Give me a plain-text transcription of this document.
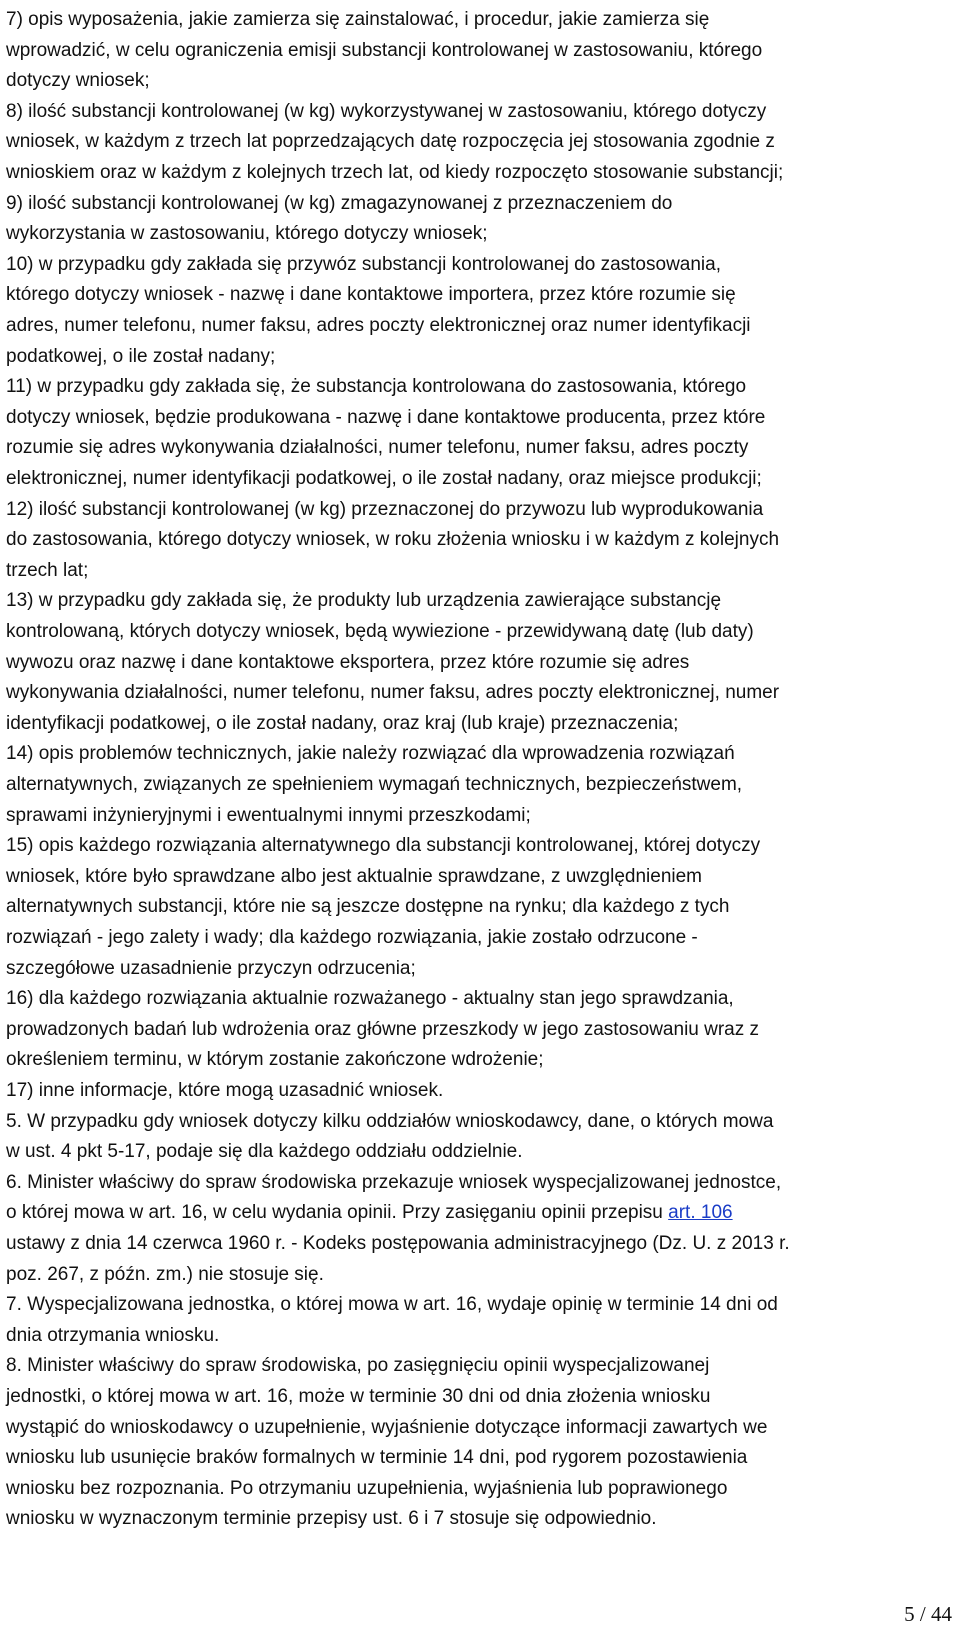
7) opis wyposażenia, jakie zamierza się zainstalować, i procedur, jakie zamierza się
wprowadzić, w celu ograniczenia emisji substancji kontrolowanej w zastosowaniu, którego
dotyczy wniosek;
8) ilość substancji kontrolowanej (w kg) wykorzystywanej w zastosowaniu, którego dotyczy
wniosek, w każdym z trzech lat poprzedzających datę rozpoczęcia jej stosowania zgodnie z
wnioskiem oraz w każdym z kolejnych trzech lat, od kiedy rozpoczęto stosowanie substancji;
9) ilość substancji kontrolowanej (w kg) zmagazynowanej z przeznaczeniem do
wykorzystania w zastosowaniu, którego dotyczy wniosek;
10) w przypadku gdy zakłada się przywóz substancji kontrolowanej do zastosowania,
którego dotyczy wniosek - nazwę i dane kontaktowe importera, przez które rozumie się
adres, numer telefonu, numer faksu, adres poczty elektronicznej oraz numer identyfikacji
podatkowej, o ile został nadany;
11) w przypadku gdy zakłada się, że substancja kontrolowana do zastosowania, którego
dotyczy wniosek, będzie produkowana - nazwę i dane kontaktowe producenta, przez które
rozumie się adres wykonywania działalności, numer telefonu, numer faksu, adres poczty
elektronicznej, numer identyfikacji podatkowej, o ile został nadany, oraz miejsce produkcji;
12) ilość substancji kontrolowanej (w kg) przeznaczonej do przywozu lub wyprodukowania
do zastosowania, którego dotyczy wniosek, w roku złożenia wniosku i w każdym z kolejnych
trzech lat;
13) w przypadku gdy zakłada się, że produkty lub urządzenia zawierające substancję
kontrolowaną, których dotyczy wniosek, będą wywiezione - przewidywaną datę (lub daty)
wywozu oraz nazwę i dane kontaktowe eksportera, przez które rozumie się adres
wykonywania działalności, numer telefonu, numer faksu, adres poczty elektronicznej, numer
identyfikacji podatkowej, o ile został nadany, oraz kraj (lub kraje) przeznaczenia;
14) opis problemów technicznych, jakie należy rozwiązać dla wprowadzenia rozwiązań
alternatywnych, związanych ze spełnieniem wymagań technicznych, bezpieczeństwem,
sprawami inżynieryjnymi i ewentualnymi innymi przeszkodami;
15) opis każdego rozwiązania alternatywnego dla substancji kontrolowanej, której dotyczy
wniosek, które było sprawdzane albo jest aktualnie sprawdzane, z uwzględnieniem
alternatywnych substancji, które nie są jeszcze dostępne na rynku; dla każdego z tych
rozwiązań - jego zalety i wady; dla każdego rozwiązania, jakie zostało odrzucone -
szczegółowe uzasadnienie przyczyn odrzucenia;
16) dla każdego rozwiązania aktualnie rozważanego - aktualny stan jego sprawdzania,
prowadzonych badań lub wdrożenia oraz główne przeszkody w jego zastosowaniu wraz z
określeniem terminu, w którym zostanie zakończone wdrożenie;
17) inne informacje, które mogą uzasadnić wniosek.
5. W przypadku gdy wniosek dotyczy kilku oddziałów wnioskodawcy, dane, o których mowa
w ust. 4 pkt 5-17, podaje się dla każdego oddziału oddzielnie.
6. Minister właściwy do spraw środowiska przekazuje wniosek wyspecjalizowanej jednostce,
o której mowa w art. 16, w celu wydania opinii. Przy zasięganiu opinii przepisu art. 106
ustawy z dnia 14 czerwca 1960 r. - Kodeks postępowania administracyjnego (Dz. U. z 2013 r.
poz. 267, z późn. zm.) nie stosuje się.
7. Wyspecjalizowana jednostka, o której mowa w art. 16, wydaje opinię w terminie 14 dni od
dnia otrzymania wniosku.
8. Minister właściwy do spraw środowiska, po zasięgnięciu opinii wyspecjalizowanej
jednostki, o której mowa w art. 16, może w terminie 30 dni od dnia złożenia wniosku
wystąpić do wnioskodawcy o uzupełnienie, wyjaśnienie dotyczące informacji zawartych we
wniosku lub usunięcie braków formalnych w terminie 14 dni, pod rygorem pozostawienia
wniosku bez rozpoznania. Po otrzymaniu uzupełnienia, wyjaśnienia lub poprawionego
wniosku w wyznaczonym terminie przepisy ust. 6 i 7 stosuje się odpowiednio.
5 / 44
